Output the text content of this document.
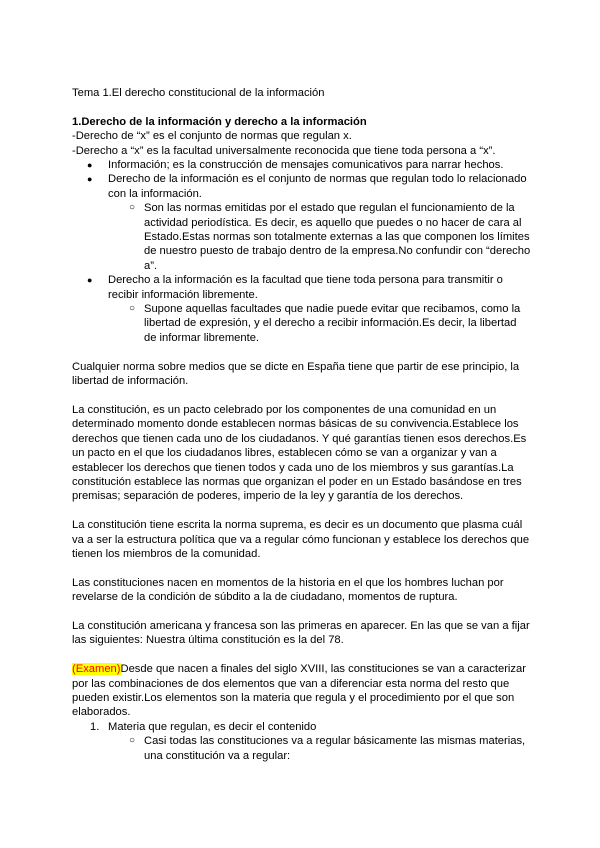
Tema 1.El derecho constitucional de la información

1.Derecho de la información y derecho a la información

-Derecho de “x” es el conjunto de normas que regulan x.

-Derecho a “x” es la facultad universalmente reconocida que tiene toda persona a “x”.

● Información; es la construcción de mensajes comunicativos para narrar hechos.
● Derecho de la información es el conjunto de normas que regulan todo lo relacionado con la información.
○ Son las normas emitidas por el estado que regulan el funcionamiento de la actividad periodística. Es decir, es aquello que puedes o no hacer de cara al Estado.Estas normas son totalmente externas a las que componen los límites de nuestro puesto de trabajo dentro de la empresa.No confundir con “derecho a”.
● Derecho a la información es la facultad que tiene toda persona para transmitir o recibir información libremente.
○ Supone aquellas facultades que nadie puede evitar que recibamos, como la libertad de expresión, y el derecho a recibir información.Es decir, la libertad de informar libremente.

Cualquier norma sobre medios que se dicte en España tiene que partir de ese principio, la libertad de información.

La constitución, es un pacto celebrado por los componentes de una comunidad en un determinado momento donde establecen normas básicas de su convivencia.Establece los derechos que tienen cada uno de los ciudadanos. Y qué garantías tienen esos derechos.Es un pacto en el que los ciudadanos libres, establecen cómo se van a organizar y van a establecer los derechos que tienen todos y cada uno de los miembros y sus garantías.La constitución establece las normas que organizan el poder en un Estado basándose en tres premisas; separación de poderes, imperio de la ley y garantía de los derechos.

La constitución tiene escrita la norma suprema, es decir es un documento que plasma cuál va a ser la estructura política que va a regular cómo funcionan y establece los derechos que tienen los miembros de la comunidad.

Las constituciones nacen en momentos de la historia en el que los hombres luchan por revelarse de la condición de súbdito a la de ciudadano, momentos de ruptura.

La constitución americana y francesa son las primeras en aparecer. En las que se van a fijar las siguientes: Nuestra última constitución es la del 78.

(Examen)Desde que nacen a finales del siglo XVIII, las constituciones se van a caracterizar por las combinaciones de dos elementos que van a diferenciar esta norma del resto que pueden existir.Los elementos son la materia que regula y el procedimiento por el que son elaborados.

1. Materia que regulan, es decir el contenido
○ Casi todas las constituciones va a regular básicamente las mismas materias, una constitución va a regular:
